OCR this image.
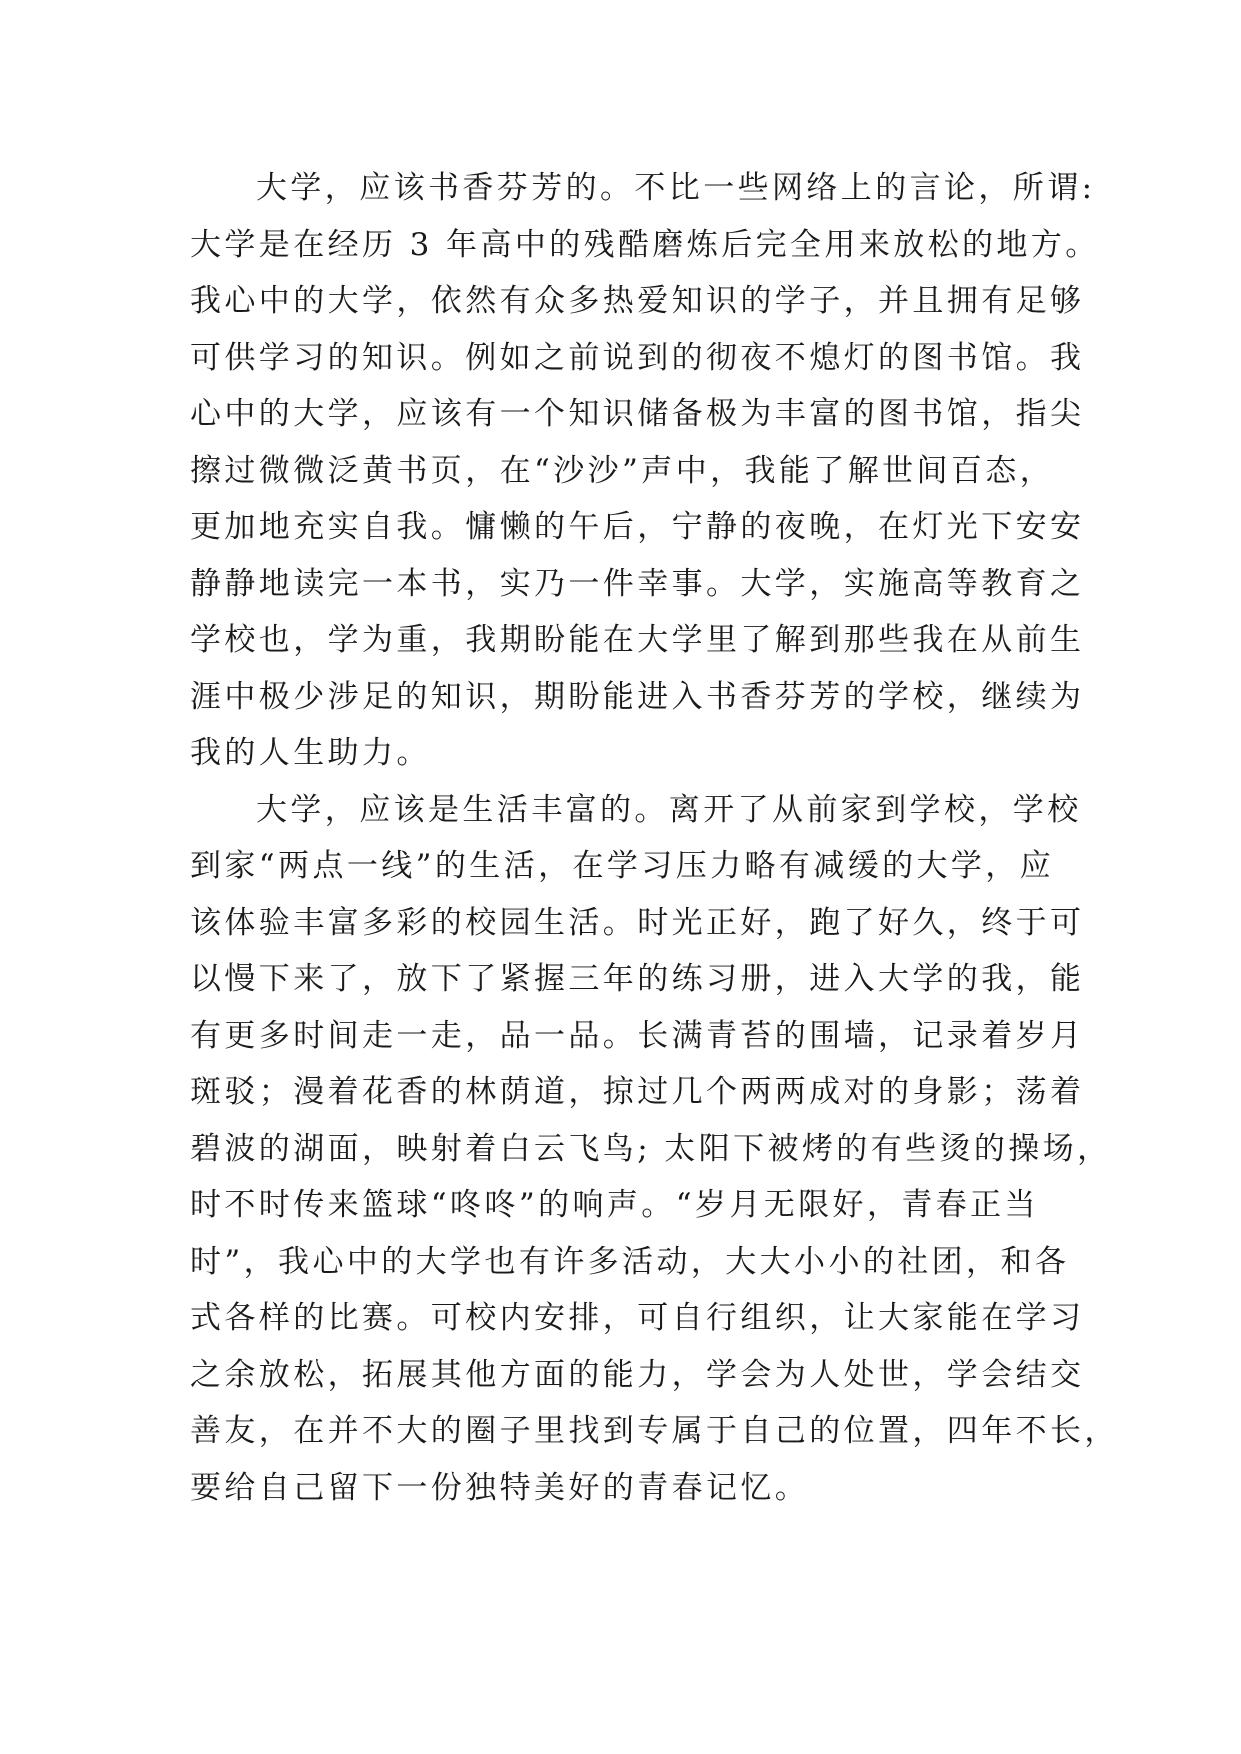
大学，应该书香芬芳的。不比一些网络上的言论，所谓:
大学是在经历 3 年高中的残酷磨炼后完全用来放松的地方。
我心中的大学，依然有众多热爱知识的学子，并且拥有足够
可供学习的知识。例如之前说到的彻夜不熄灯的图书馆。我
心中的大学，应该有一个知识储备极为丰富的图书馆，指尖
擦过微微泛黄书页，在“沙沙”声中，我能了解世间百态，
更加地充实自我。慵懒的午后，宁静的夜晚，在灯光下安安
静静地读完一本书，实乃一件幸事。大学，实施高等教育之
学校也，学为重，我期盼能在大学里了解到那些我在从前生
涯中极少涉足的知识，期盼能进入书香芬芳的学校，继续为
我的人生助力。
大学，应该是生活丰富的。离开了从前家到学校，学校
到家“两点一线”的生活，在学习压力略有减缓的大学，应
该体验丰富多彩的校园生活。时光正好，跑了好久，终于可
以慢下来了，放下了紧握三年的练习册，进入大学的我，能
有更多时间走一走，品一品。长满青苔的围墙，记录着岁月
斑驳；漫着花香的林荫道，掠过几个两两成对的身影；荡着
碧波的湖面，映射着白云飞鸟; 太阳下被烤的有些烫的操场，
时不时传来篮球“咚咚”的响声。“岁月无限好，青春正当
时”，我心中的大学也有许多活动，大大小小的社团，和各
式各样的比赛。可校内安排，可自行组织，让大家能在学习
之余放松，拓展其他方面的能力，学会为人处世，学会结交
善友，在并不大的圈子里找到专属于自己的位置，四年不长，
要给自己留下一份独特美好的青春记忆。
